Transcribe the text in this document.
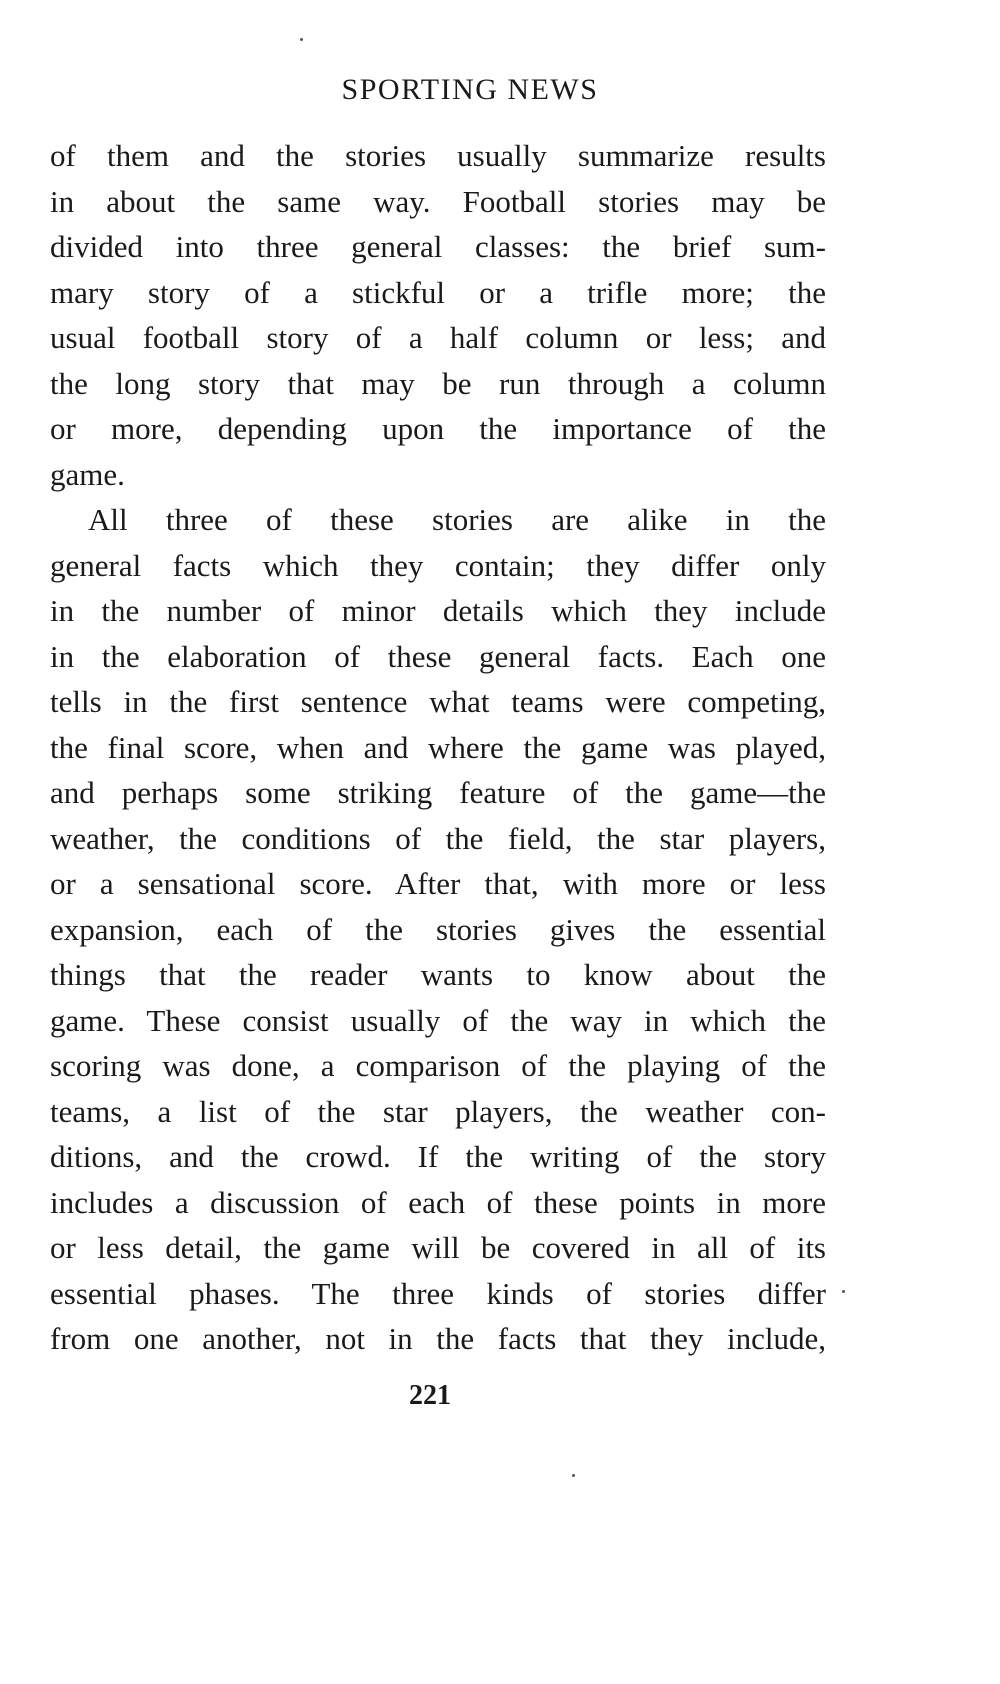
SPORTING NEWS
of them and the stories usually summarize results
in about the same way. Football stories may be
divided into three general classes: the brief sum-
mary story of a stickful or a trifle more; the
usual football story of a half column or less; and
the long story that may be run through a column
or more, depending upon the importance of the
game.
All three of these stories are alike in the
general facts which they contain; they differ only
in the number of minor details which they include
in the elaboration of these general facts. Each one
tells in the first sentence what teams were competing,
the final score, when and where the game was played,
and perhaps some striking feature of the game—the
weather, the conditions of the field, the star players,
or a sensational score. After that, with more or less
expansion, each of the stories gives the essential
things that the reader wants to know about the
game. These consist usually of the way in which the
scoring was done, a comparison of the playing of the
teams, a list of the star players, the weather con-
ditions, and the crowd. If the writing of the story
includes a discussion of each of these points in more
or less detail, the game will be covered in all of its
essential phases. The three kinds of stories differ
from one another, not in the facts that they include,
221
